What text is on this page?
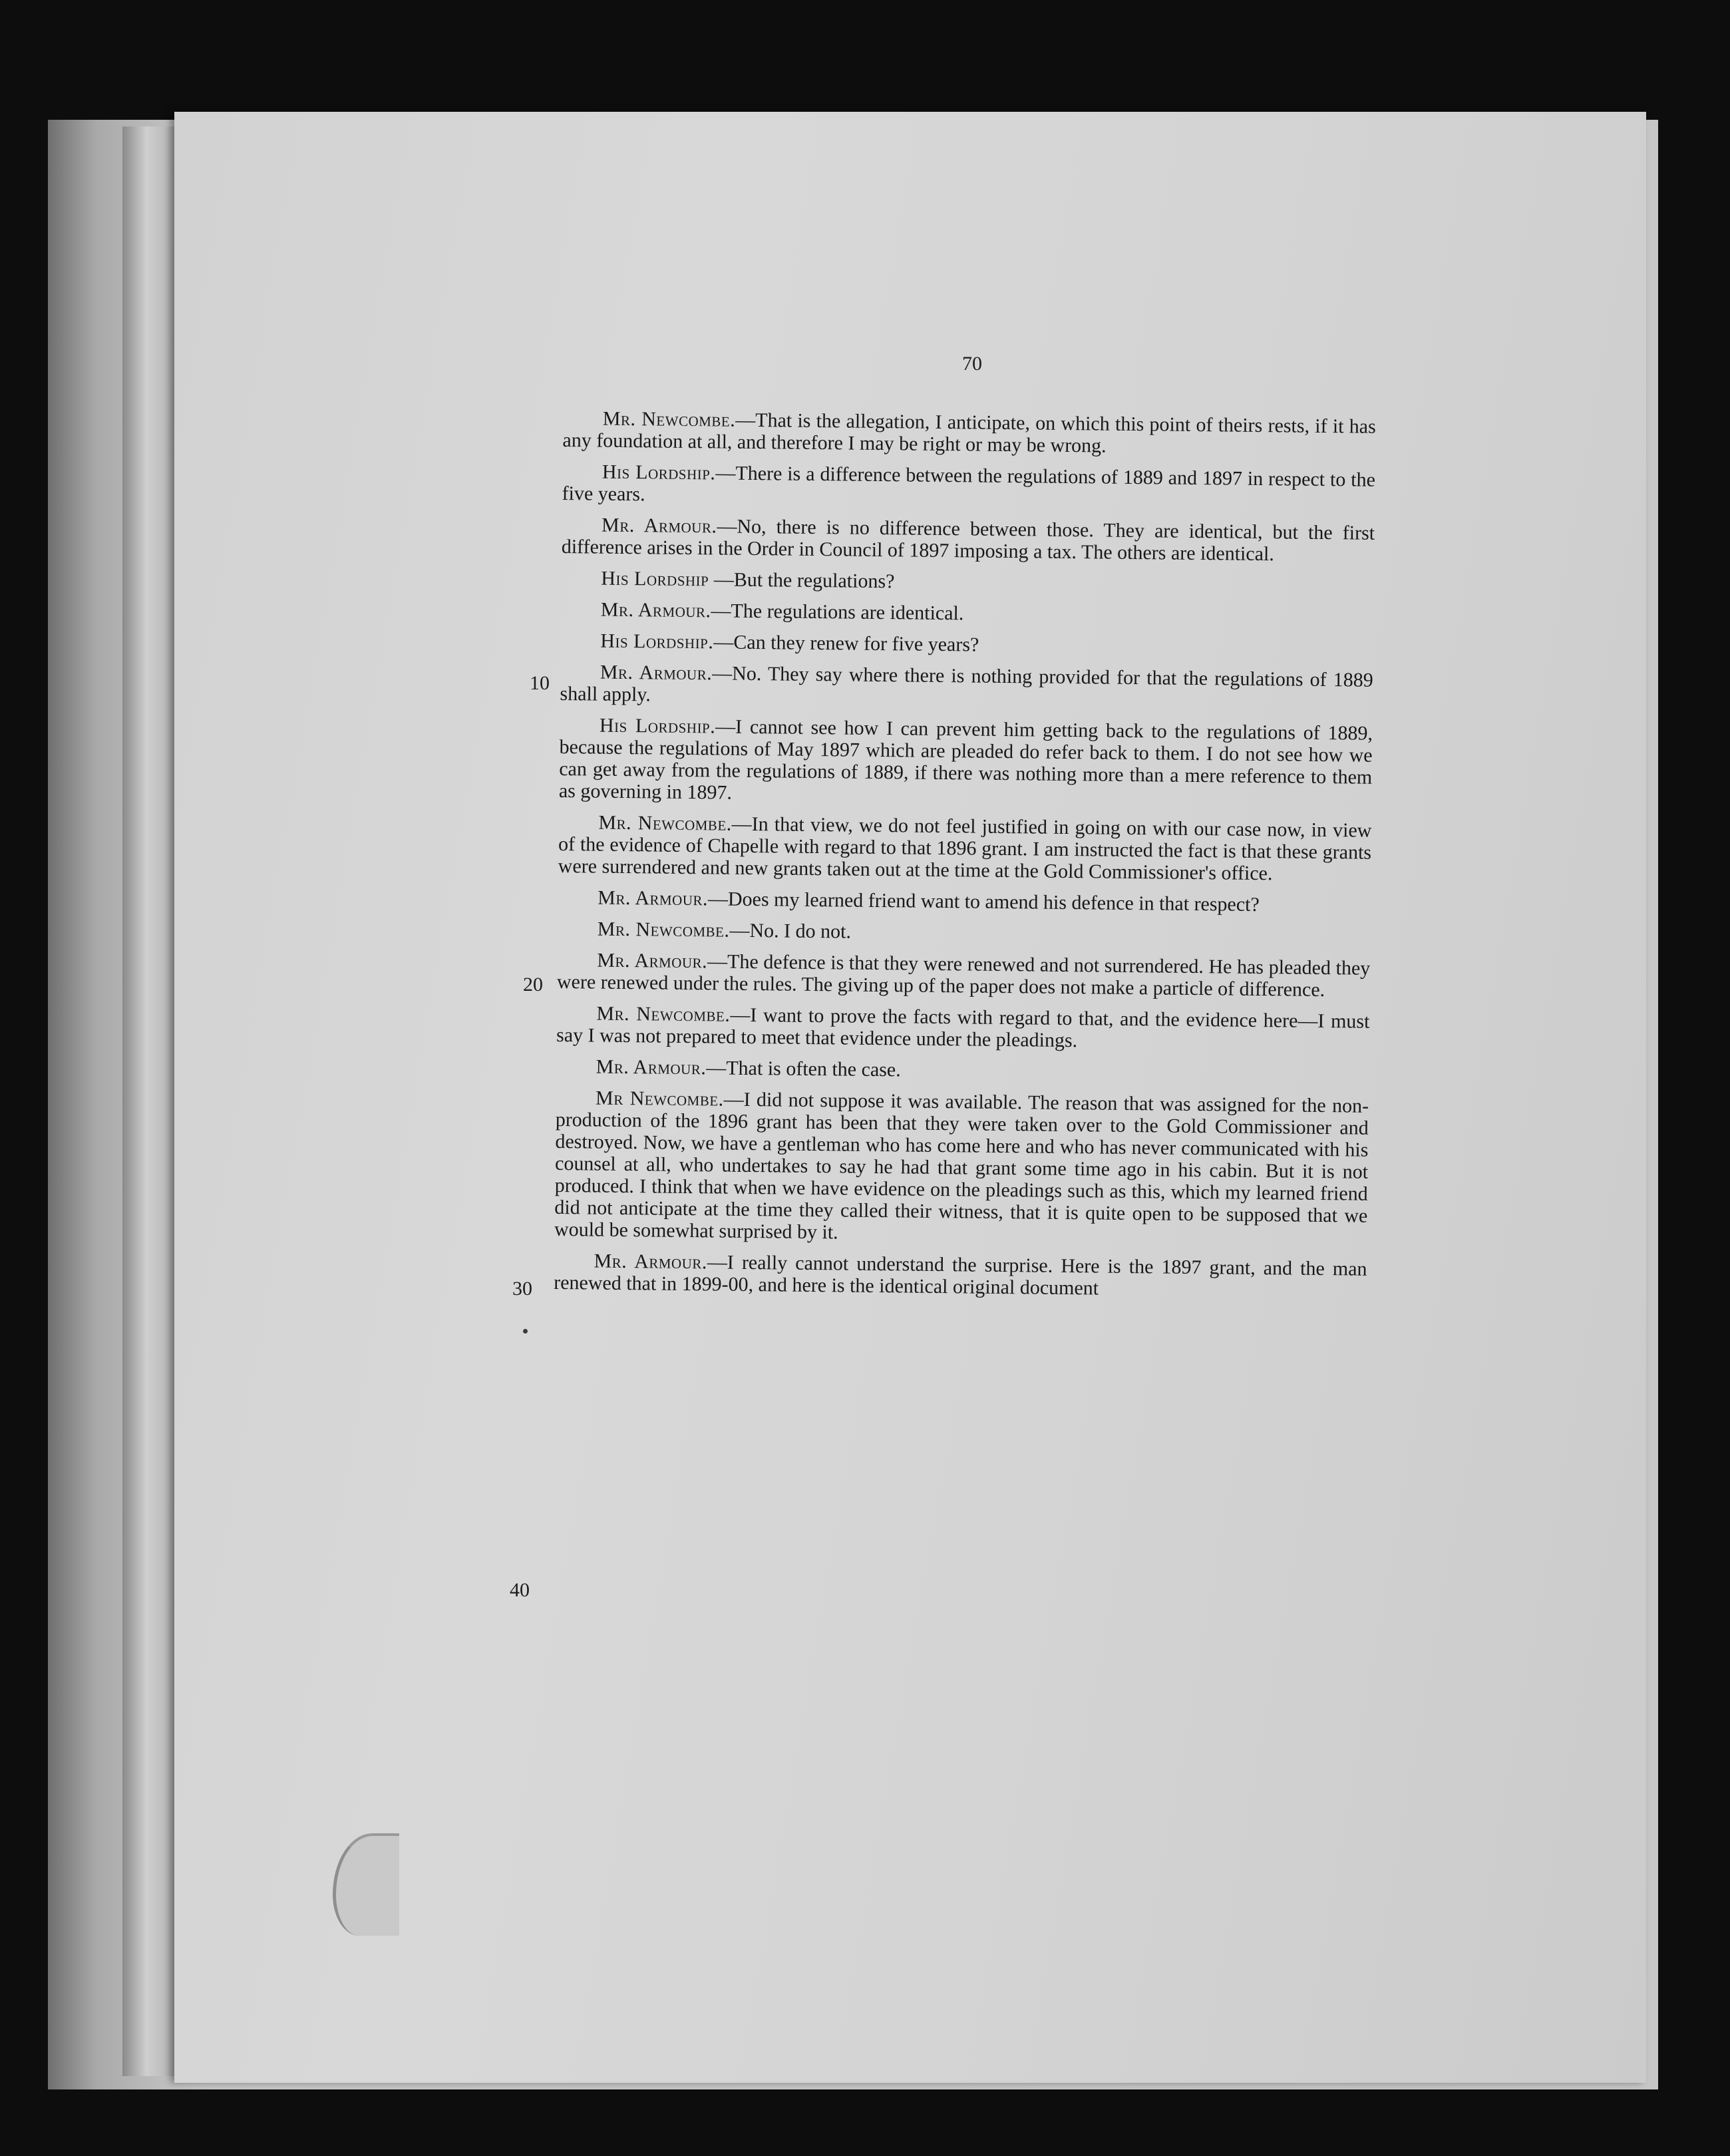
70
10
20
30
40

Mr. Newcombe.—That is the allegation, I anticipate, on which this point of theirs rests, if it has any foundation at all, and therefore I may be right or may be wrong.

His Lordship.—There is a difference between the regulations of 1889 and 1897 in respect to the five years.

Mr. Armour.—No, there is no difference between those. They are identical, but the first difference arises in the Order in Council of 1897 imposing a tax. The others are identical.

His Lordship —But the regulations?

Mr. Armour.—The regulations are identical.

His Lordship.—Can they renew for five years?

Mr. Armour.—No. They say where there is nothing provided for that the regulations of 1889 shall apply.

His Lordship.—I cannot see how I can prevent him getting back to the regulations of 1889, because the regulations of May 1897 which are pleaded do refer back to them. I do not see how we can get away from the regulations of 1889, if there was nothing more than a mere reference to them as governing in 1897.

Mr. Newcombe.—In that view, we do not feel justified in going on with our case now, in view of the evidence of Chapelle with regard to that 1896 grant. I am instructed the fact is that these grants were surrendered and new grants taken out at the time at the Gold Commissioner's office.

Mr. Armour.—Does my learned friend want to amend his defence in that respect?

Mr. Newcombe.—No. I do not.

Mr. Armour.—The defence is that they were renewed and not surrendered. He has pleaded they were renewed under the rules. The giving up of the paper does not make a particle of difference.

Mr. Newcombe.—I want to prove the facts with regard to that, and the evidence here—I must say I was not prepared to meet that evidence under the pleadings.

Mr. Armour.—That is often the case.

Mr Newcombe.—I did not suppose it was available. The reason that was assigned for the non-production of the 1896 grant has been that they were taken over to the Gold Commissioner and destroyed. Now, we have a gentleman who has come here and who has never communicated with his counsel at all, who undertakes to say he had that grant some time ago in his cabin. But it is not produced. I think that when we have evidence on the pleadings such as this, which my learned friend did not anticipate at the time they called their witness, that it is quite open to be supposed that we would be somewhat surprised by it.

Mr. Armour.—I really cannot understand the surprise. Here is the 1897 grant, and the man renewed that in 1899-00, and here is the identical original document
